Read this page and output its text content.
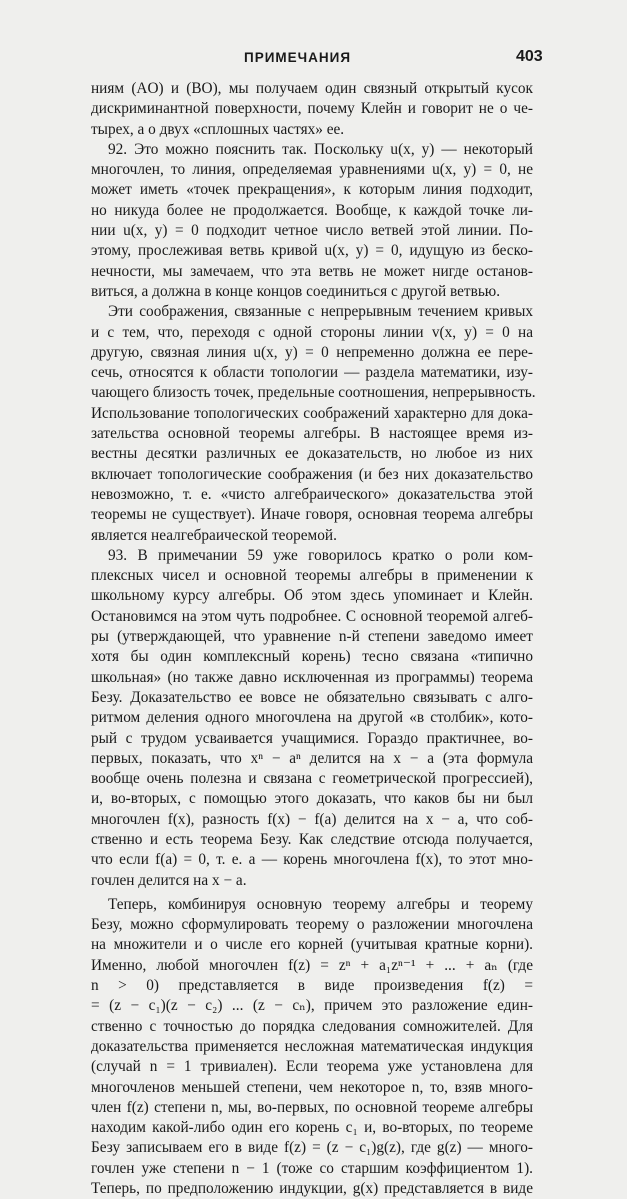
ПРИМЕЧАНИЯ	403
ниям (AO) и (BO), мы получаем один связный открытый кусок
дискриминантной поверхности, почему Клейн и говорит не о че-
тырех, а о двух «сплошных частях» ее.
92. Это можно пояснить так. Поскольку u(x, y) — некоторый
многочлен, то линия, определяемая уравнениями u(x, y) = 0, не
может иметь «точек прекращения», к которым линия подходит,
но никуда более не продолжается. Вообще, к каждой точке ли-
нии u(x, y) = 0 подходит четное число ветвей этой линии. По-
этому, прослеживая ветвь кривой u(x, y) = 0, идущую из беско-
нечности, мы замечаем, что эта ветвь не может нигде останов-
виться, а должна в конце концов соединиться с другой ветвью.
Эти соображения, связанные с непрерывным течением кривых
и с тем, что, переходя с одной стороны линии v(x, y) = 0 на
другую, связная линия u(x, y) = 0 непременно должна ее пере-
сечь, относятся к области топологии — раздела математики, изу-
чающего близость точек, предельные соотношения, непрерывность.
Использование топологических соображений характерно для дока-
зательства основной теоремы алгебры. В настоящее время из-
вестны десятки различных ее доказательств, но любое из них
включает топологические соображения (и без них доказательство
невозможно, т. е. «чисто алгебраического» доказательства этой
теоремы не существует). Иначе говоря, основная теорема алгебры
является неалгебраической теоремой.
93. В примечании 59 уже говорилось кратко о роли ком-
плексных чисел и основной теоремы алгебры в применении к
школьному курсу алгебры. Об этом здесь упоминает и Клейн.
Остановимся на этом чуть подробнее. С основной теоремой алгеб-
ры (утверждающей, что уравнение n-й степени заведомо имеет
хотя бы один комплексный корень) тесно связана «типично
школьная» (но также давно исключенная из программы) теорема
Безу. Доказательство ее вовсе не обязательно связывать с алго-
ритмом деления одного многочлена на другой «в столбик», кото-
рый с трудом усваивается учащимися. Гораздо практичнее, во-
первых, показать, что xⁿ − aⁿ делится на x − a (эта формула
вообще очень полезна и связана с геометрической прогрессией),
и, во-вторых, с помощью этого доказать, что каков бы ни был
многочлен f(x), разность f(x) − f(a) делится на x − a, что соб-
ственно и есть теорема Безу. Как следствие отсюда получается,
что если f(a) = 0, т. е. a — корень многочлена f(x), то этот мно-
гочлен делится на x − a.
Теперь, комбинируя основную теорему алгебры и теорему
Безу, можно сформулировать теорему о разложении многочлена
на множители и о числе его корней (учитывая кратные корни).
Именно, любой многочлен f(z) = zⁿ + a₁zⁿ⁻¹ + ... + aₙ (где
n > 0) представляется в виде произведения f(z) =
= (z − c₁)(z − c₂) ... (z − cₙ), причем это разложение един-
ственно с точностью до порядка следования сомножителей. Для
доказательства применяется несложная математическая индукция
(случай n = 1 тривиален). Если теорема уже установлена для
многочленов меньшей степени, чем некоторое n, то, взяв много-
член f(z) степени n, мы, во-первых, по основной теореме алгебры
находим какой-либо один его корень c₁ и, во-вторых, по теореме
Безу записываем его в виде f(z) = (z − c₁)g(z), где g(z) — много-
гочлен уже степени n − 1 (тоже со старшим коэффициентом 1).
Теперь, по предположению индукции, g(x) представляется в виде
